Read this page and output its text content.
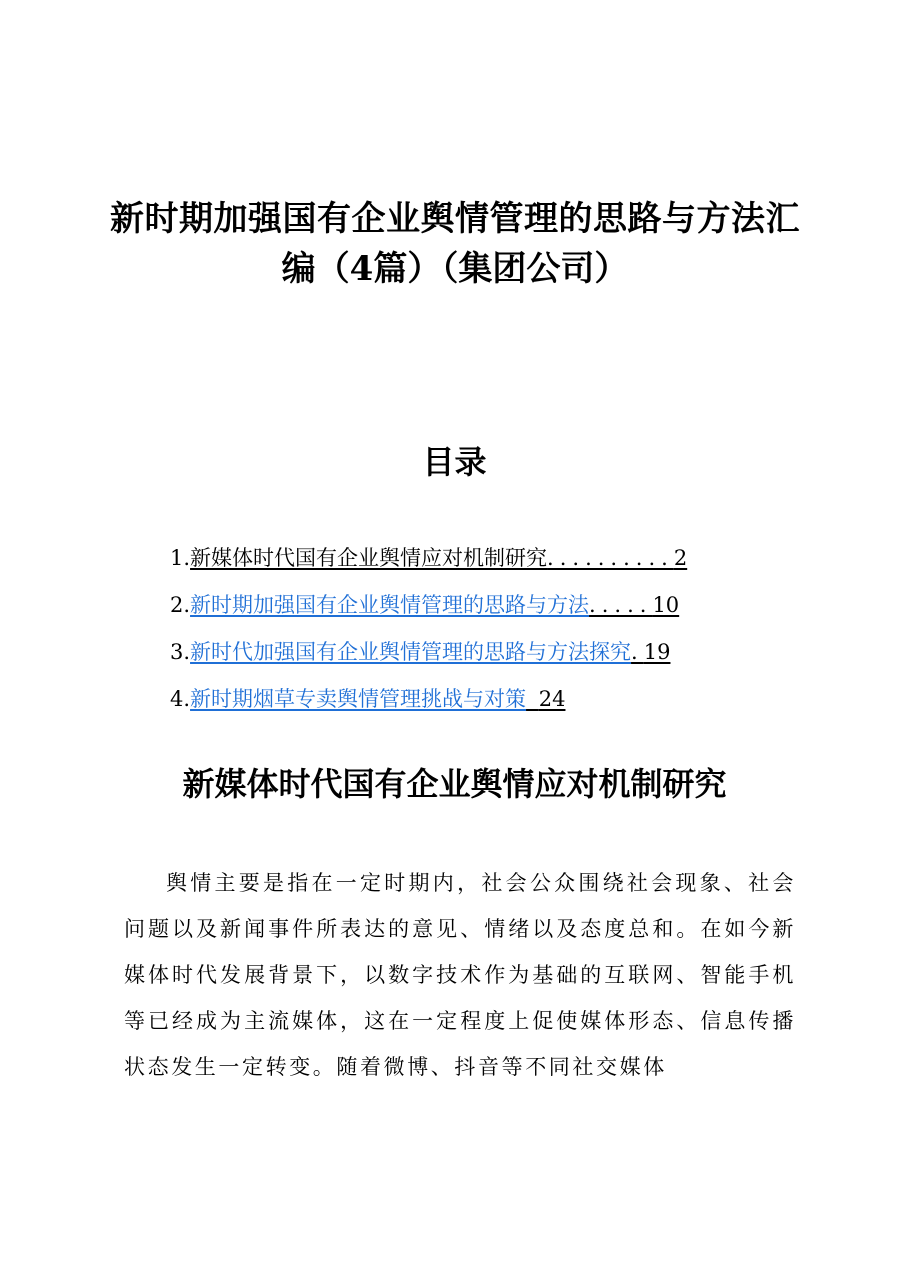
新时期加强国有企业舆情管理的思路与方法汇
编（4篇）（集团公司）
目录
1.新媒体时代国有企业舆情应对机制研究..........2
2.新时期加强国有企业舆情管理的思路与方法.....10
3.新时代加强国有企业舆情管理的思路与方法探究.19
4.新时期烟草专卖舆情管理挑战与对策 24
新媒体时代国有企业舆情应对机制研究

舆情主要是指在一定时期内，社会公众围绕社会现象、社会问题以及新闻事件所表达的意见、情绪以及态度总和。在如今新媒体时代发展背景下，以数字技术作为基础的互联网、智能手机等已经成为主流媒体，这在一定程度上促使媒体形态、信息传播状态发生一定转变。随着微博、抖音等不同社交媒体
